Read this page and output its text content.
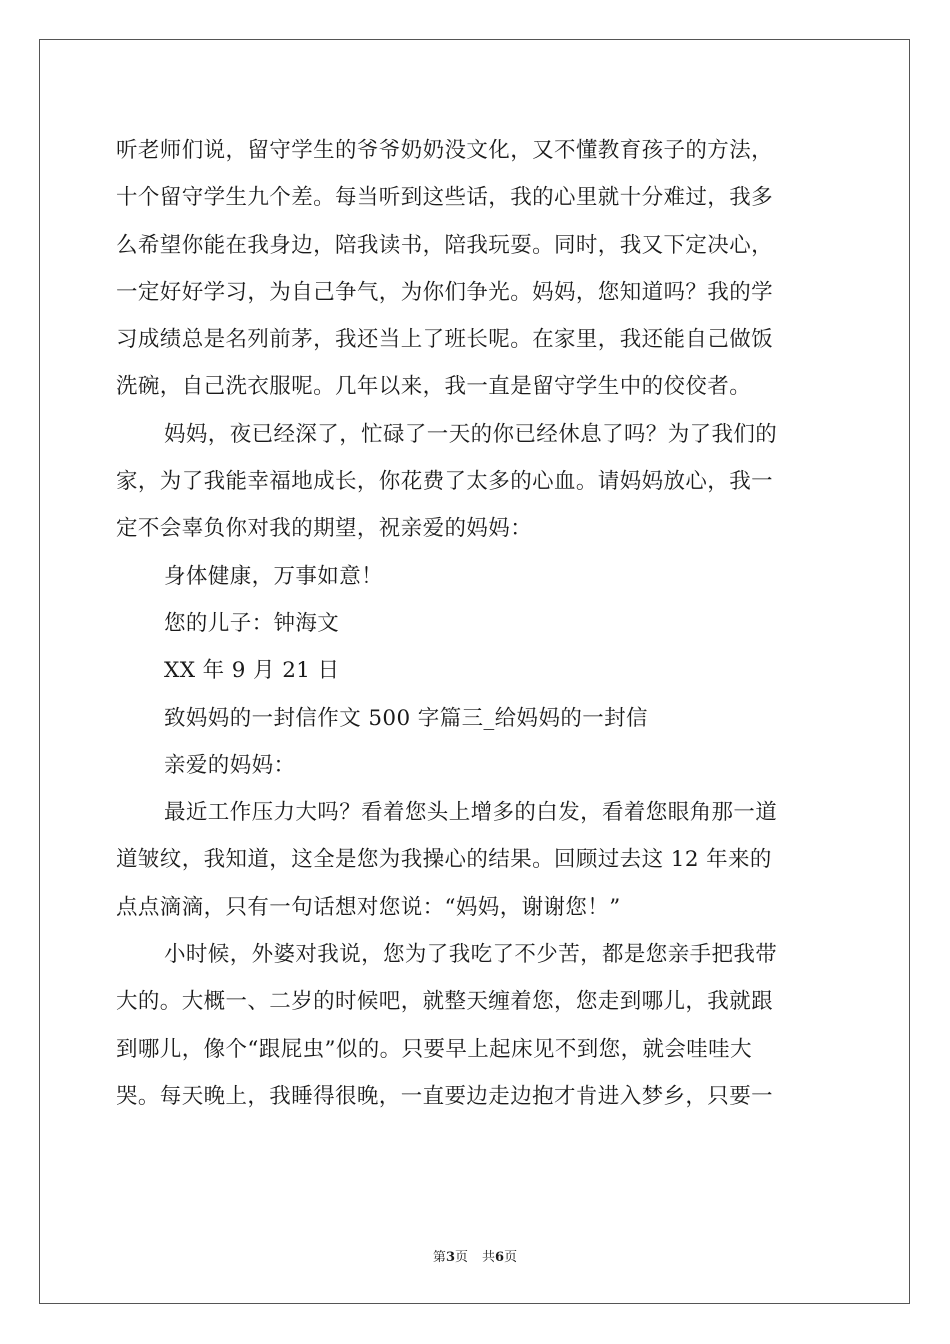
听老师们说，留守学生的爷爷奶奶没文化，又不懂教育孩子的方法，

十个留守学生九个差。每当听到这些话，我的心里就十分难过，我多

么希望你能在我身边，陪我读书，陪我玩耍。同时，我又下定决心，

一定好好学习，为自己争气，为你们争光。妈妈，您知道吗？我的学

习成绩总是名列前茅，我还当上了班长呢。在家里，我还能自己做饭

洗碗，自己洗衣服呢。几年以来，我一直是留守学生中的佼佼者。

妈妈，夜已经深了，忙碌了一天的你已经休息了吗？为了我们的

家，为了我能幸福地成长，你花费了太多的心血。请妈妈放心，我一

定不会辜负你对我的期望，祝亲爱的妈妈：

身体健康，万事如意！

您的儿子：钟海文

XX 年 9 月 21 日

致妈妈的一封信作文 500 字篇三_给妈妈的一封信

亲爱的妈妈：

最近工作压力大吗？看着您头上增多的白发，看着您眼角那一道

道皱纹，我知道，这全是您为我操心的结果。回顾过去这 12 年来的

点点滴滴，只有一句话想对您说：“妈妈，谢谢您！”

小时候，外婆对我说，您为了我吃了不少苦，都是您亲手把我带

大的。大概一、二岁的时候吧，就整天缠着您，您走到哪儿，我就跟

到哪儿，像个“跟屁虫”似的。只要早上起床见不到您，就会哇哇大

哭。每天晚上，我睡得很晚，一直要边走边抱才肯进入梦乡，只要一

第3页 共6页
